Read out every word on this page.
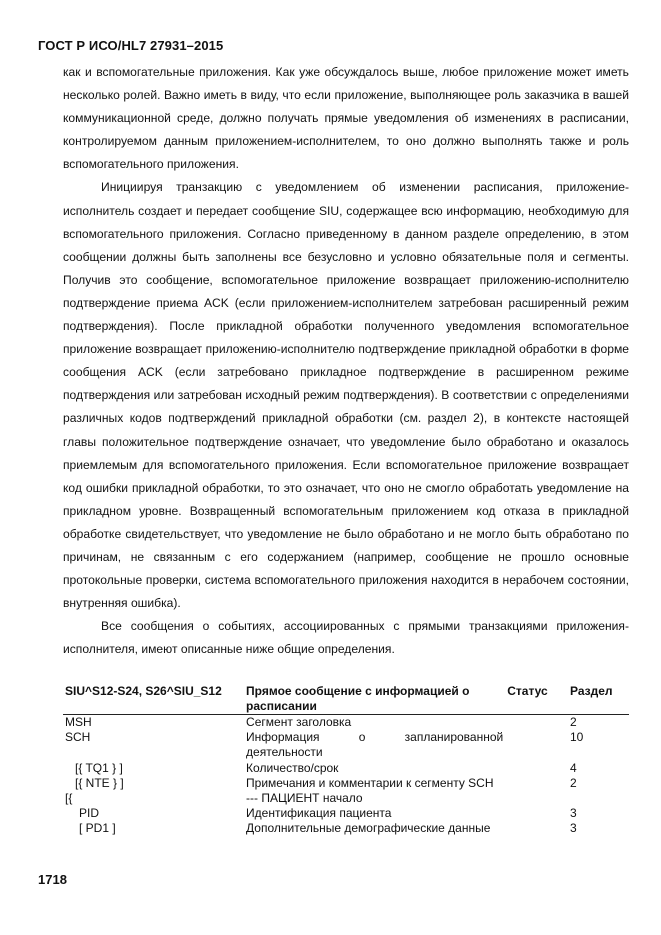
ГОСТ Р ИСО/HL7 27931–2015

как и вспомогательные приложения. Как уже обсуждалось выше, любое приложение может иметь несколько ролей. Важно иметь в виду, что если приложение, выполняющее роль заказчика в вашей коммуникационной среде, должно получать прямые уведомления об изменениях в расписании, контролируемом данным приложением-исполнителем, то оно должно выполнять также и роль вспомогательного приложения.

Инициируя транзакцию с уведомлением об изменении расписания, приложение-исполнитель создает и передает сообщение SIU, содержащее всю информацию, необходимую для вспомогательного приложения. Согласно приведенному в данном разделе определению, в этом сообщении должны быть заполнены все безусловно и условно обязательные поля и сегменты. Получив это сообщение, вспомогательное приложение возвращает приложению-исполнителю подтверждение приема ACK (если приложением-исполнителем затребован расширенный режим подтверждения). После прикладной обработки полученного уведомления вспомогательное приложение возвращает приложению-исполнителю подтверждение прикладной обработки в форме сообщения ACK (если затребовано прикладное подтверждение в расширенном режиме подтверждения или затребован исходный режим подтверждения). В соответствии с определениями различных кодов подтверждений прикладной обработки (см. раздел 2), в контексте настоящей главы положительное подтверждение означает, что уведомление было обработано и оказалось приемлемым для вспомогательного приложения. Если вспомогательное приложение возвращает код ошибки прикладной обработки, то это означает, что оно не смогло обработать уведомление на прикладном уровне. Возвращенный вспомогательным приложением код отказа в прикладной обработке свидетельствует, что уведомление не было обработано и не могло быть обработано по причинам, не связанным с его содержанием (например, сообщение не прошло основные протокольные проверки, система вспомогательного приложения находится в нерабочем состоянии, внутренняя ошибка).

Все сообщения о событиях, ассоциированных с прямыми транзакциями приложения-исполнителя, имеют описанные ниже общие определения.

SIU^S12-S24, S26^SIU_S12	Прямое сообщение с информацией о расписании	Статус	Раздел
MSH	Сегмент заголовка		2
SCH	Информация о запланированной деятельности		10
[{ TQ1 } ]	Количество/срок		4
[{ NTE } ]	Примечания и комментарии к сегменту SCH		2
[{	--- ПАЦИЕНТ начало		
PID	Идентификация пациента		3
[ PD1 ]	Дополнительные демографические данные		3
1718
